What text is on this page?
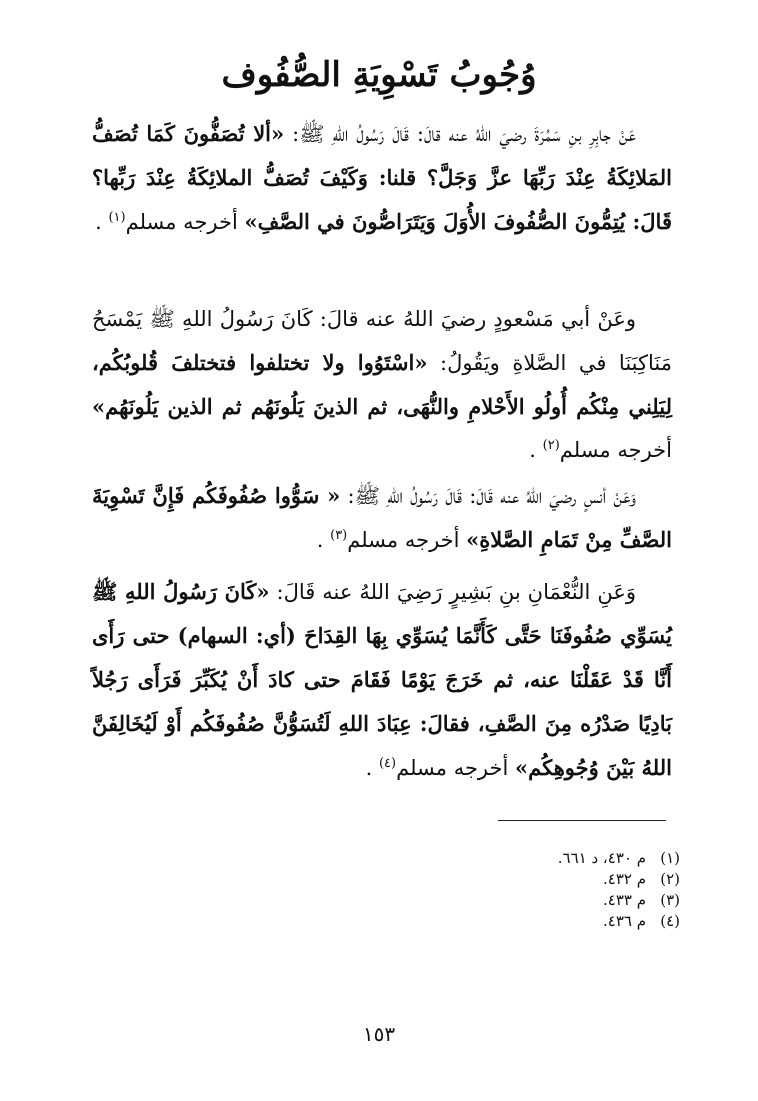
وُجُوبُ تَسْوِيَةِ الصُّفُوف
عَنْ جابِرِ بنِ سَمُرَةَ رضيَ اللهُ عنه قالَ: قَالَ رَسُولُ اللهِ ﷺ: «ألا تُصَفُّونَ كَمَا تُصَفُّ المَلائِكَةُ عِنْدَ رَبِّهَا عزَّ وَجَلَّ؟ قلنا: وَكَيْفَ تُصَفُّ الملائِكَةُ عِنْدَ رَبِّها؟ قَالَ: يُتِمُّونَ الصُّفُوفَ الأُوَلَ وَيَتَرَاصُّونَ في الصَّفِ» أخرجه مسلم$^{(١)}$ .
وعَنْ أبي مَسْعودٍ رضيَ اللهُ عنه قالَ: كَانَ رَسُولُ اللهِ ﷺ يَمْسَحُ مَنَاكِبَنَا في الصَّلاةِ ويَقُولُ: «اسْتَوُوا ولا تختلفوا فتختلفَ قُلوبُكُم، لِيَلِني مِنْكُم أُولُو الأَحْلامِ والنُّهَى، ثم الذينَ يَلُونَهُم ثم الذين يَلُونَهُم» أخرجه مسلم$^{(٢)}$ .
وَعَنْ أنسٍ رضيَ اللهُ عنه قَالَ: قَالَ رَسُولُ اللهِ ﷺ: « سَوُّوا صُفُوفَكُم فَإِنَّ تَسْوِيَةَ الصَّفِّ مِنْ تَمَامِ الصَّلاةِ» أخرجه مسلم$^{(٣)}$ .
وَعَنِ النُّعْمَانِ بنِ بَشِيرٍ رَضِيَ اللهُ عنه قَالَ: «كَانَ رَسُولُ اللهِ ﷺ يُسَوِّي صُفُوفَنَا حَتَّى كَأَنَّمَا يُسَوِّي بِهَا القِدَاحَ (أي: السهام) حتى رَأَى أَنَّا قَدْ عَقَلْنَا عنه، ثم خَرَجَ يَوْمًا فَقَامَ حتى كادَ أَنْ يُكَبِّرَ فَرَأَى رَجُلاً بَادِيًا صَدْرُه مِنَ الصَّفِ، فقالَ: عِبَادَ اللهِ لَتُسَوُّنَّ صُفُوفَكُم أَوْ لَيُخَالِفَنَّ اللهُ بَيْنَ وُجُوهِكُم» أخرجه مسلم$^{(٤)}$ .
(١)م ٤٣٠، د ٦٦١.
(٢)م ٤٣٢.
(٣)م ٤٣٣.
(٤)م ٤٣٦.
١٥٣
